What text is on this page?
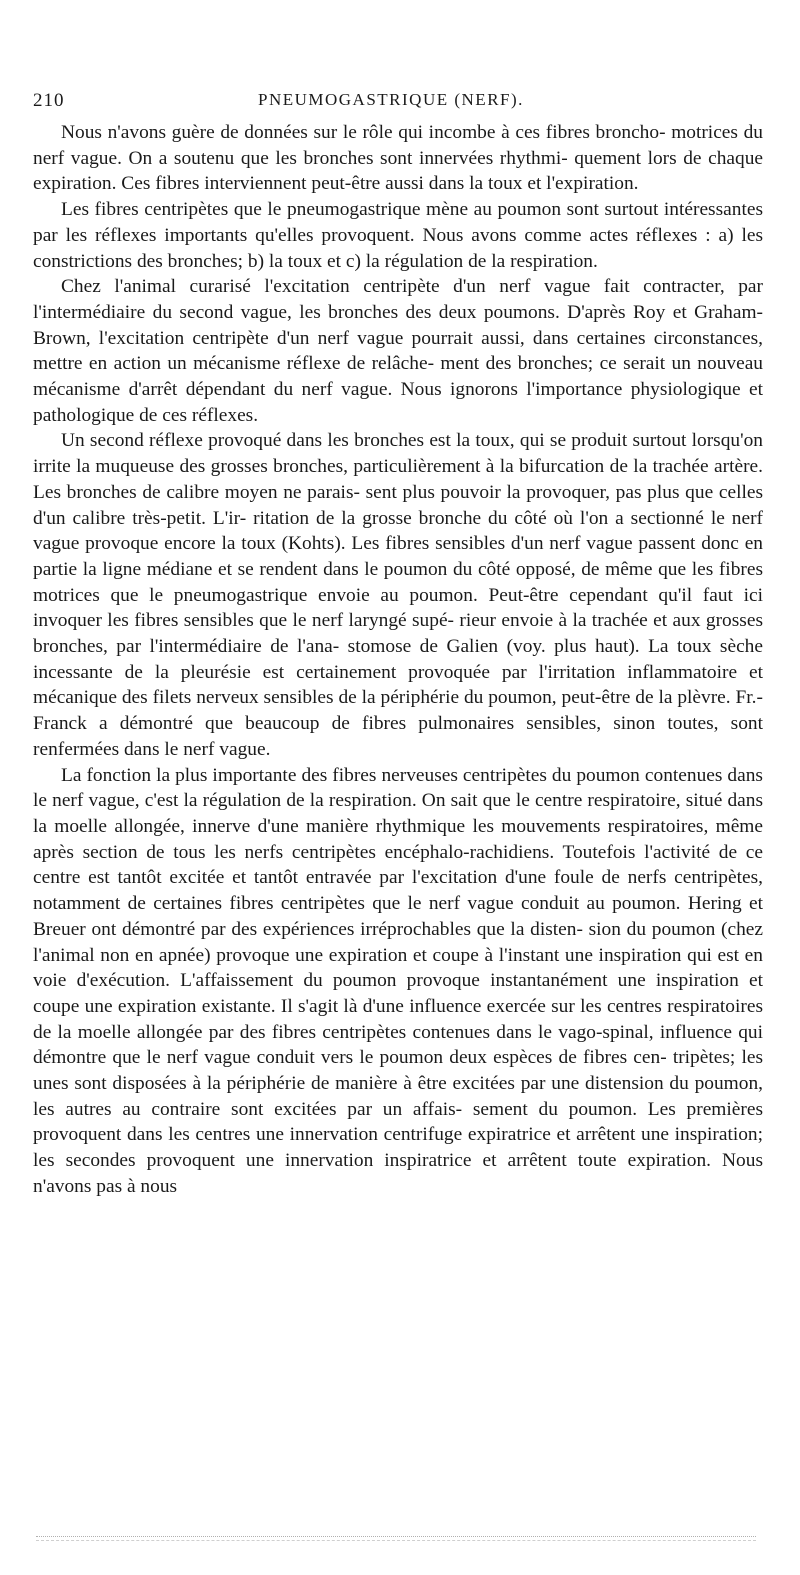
210	PNEUMOGASTRIQUE (NERF).

Nous n'avons guère de données sur le rôle qui incombe à ces fibres broncho- motrices du nerf vague. On a soutenu que les bronches sont innervées rhythmi- quement lors de chaque expiration. Ces fibres interviennent peut-être aussi dans la toux et l'expiration.

Les fibres centripètes que le pneumogastrique mène au poumon sont surtout intéressantes par les réflexes importants qu'elles provoquent. Nous avons comme actes réflexes : a) les constrictions des bronches; b) la toux et c) la régulation de la respiration.

Chez l'animal curarisé l'excitation centripète d'un nerf vague fait contracter, par l'intermédiaire du second vague, les bronches des deux poumons. D'après Roy et Graham-Brown, l'excitation centripète d'un nerf vague pourrait aussi, dans certaines circonstances, mettre en action un mécanisme réflexe de relâche- ment des bronches; ce serait un nouveau mécanisme d'arrêt dépendant du nerf vague. Nous ignorons l'importance physiologique et pathologique de ces réflexes.

Un second réflexe provoqué dans les bronches est la toux, qui se produit surtout lorsqu'on irrite la muqueuse des grosses bronches, particulièrement à la bifurcation de la trachée artère. Les bronches de calibre moyen ne parais- sent plus pouvoir la provoquer, pas plus que celles d'un calibre très-petit. L'ir- ritation de la grosse bronche du côté où l'on a sectionné le nerf vague provoque encore la toux (Kohts). Les fibres sensibles d'un nerf vague passent donc en partie la ligne médiane et se rendent dans le poumon du côté opposé, de même que les fibres motrices que le pneumogastrique envoie au poumon. Peut-être cependant qu'il faut ici invoquer les fibres sensibles que le nerf laryngé supé- rieur envoie à la trachée et aux grosses bronches, par l'intermédiaire de l'ana- stomose de Galien (voy. plus haut). La toux sèche incessante de la pleurésie est certainement provoquée par l'irritation inflammatoire et mécanique des filets nerveux sensibles de la périphérie du poumon, peut-être de la plèvre. Fr.-Franck a démontré que beaucoup de fibres pulmonaires sensibles, sinon toutes, sont renfermées dans le nerf vague.

La fonction la plus importante des fibres nerveuses centripètes du poumon contenues dans le nerf vague, c'est la régulation de la respiration. On sait que le centre respiratoire, situé dans la moelle allongée, innerve d'une manière rhythmique les mouvements respiratoires, même après section de tous les nerfs centripètes encéphalo-rachidiens. Toutefois l'activité de ce centre est tantôt excitée et tantôt entravée par l'excitation d'une foule de nerfs centripètes, notamment de certaines fibres centripètes que le nerf vague conduit au poumon. Hering et Breuer ont démontré par des expériences irréprochables que la disten- sion du poumon (chez l'animal non en apnée) provoque une expiration et coupe à l'instant une inspiration qui est en voie d'exécution. L'affaissement du poumon provoque instantanément une inspiration et coupe une expiration existante. Il s'agit là d'une influence exercée sur les centres respiratoires de la moelle allongée par des fibres centripètes contenues dans le vago-spinal, influence qui démontre que le nerf vague conduit vers le poumon deux espèces de fibres cen- tripètes; les unes sont disposées à la périphérie de manière à être excitées par une distension du poumon, les autres au contraire sont excitées par un affais- sement du poumon. Les premières provoquent dans les centres une innervation centrifuge expiratrice et arrêtent une inspiration; les secondes provoquent une innervation inspiratrice et arrêtent toute expiration. Nous n'avons pas à nous
